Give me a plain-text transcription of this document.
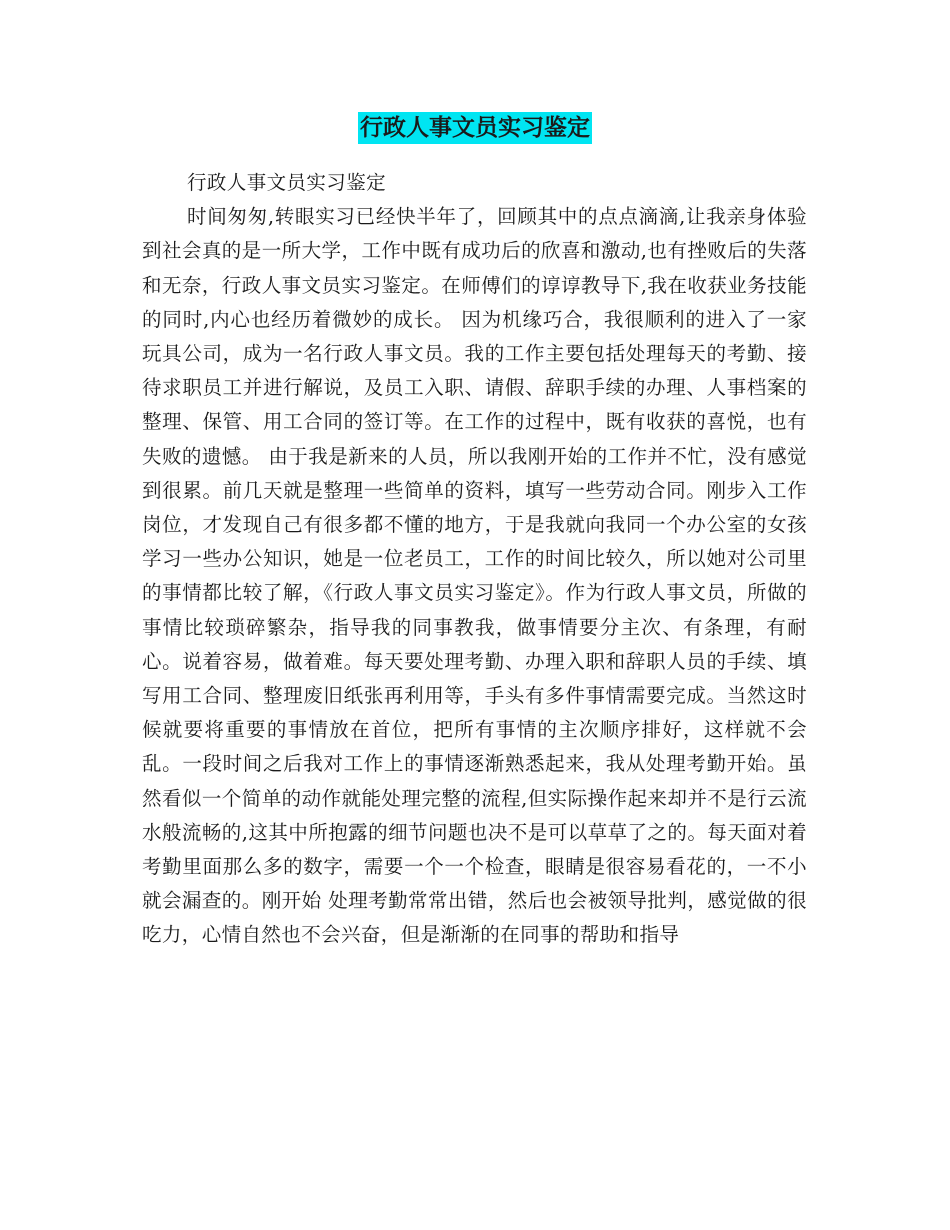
行政人事文员实习鉴定

行政人事文员实习鉴定

时间匆匆,转眼实习已经快半年了，回顾其中的点点滴滴,让我亲身体验到社会真的是一所大学，工作中既有成功后的欣喜和激动,也有挫败后的失落和无奈，行政人事文员实习鉴定。在师傅们的谆谆教导下,我在收获业务技能的同时,内心也经历着微妙的成长。 因为机缘巧合，我很顺利的进入了一家玩具公司，成为一名行政人事文员。我的工作主要包括处理每天的考勤、接待求职员工并进行解说，及员工入职、请假、辞职手续的办理、人事档案的整理、保管、用工合同的签订等。在工作的过程中，既有收获的喜悦，也有失败的遗憾。 由于我是新来的人员，所以我刚开始的工作并不忙，没有感觉到很累。前几天就是整理一些简单的资料，填写一些劳动合同。刚步入工作岗位，才发现自己有很多都不懂的地方，于是我就向我同一个办公室的女孩学习一些办公知识，她是一位老员工，工作的时间比较久，所以她对公司里的事情都比较了解，《行政人事文员实习鉴定》。作为行政人事文员，所做的事情比较琐碎繁杂，指导我的同事教我，做事情要分主次、有条理，有耐心。说着容易，做着难。每天要处理考勤、办理入职和辞职人员的手续、填写用工合同、整理废旧纸张再利用等，手头有多件事情需要完成。当然这时候就要将重要的事情放在首位，把所有事情的主次顺序排好，这样就不会乱。一段时间之后我对工作上的事情逐渐熟悉起来，我从处理考勤开始。虽然看似一个简单的动作就能处理完整的流程,但实际操作起来却并不是行云流水般流畅的,这其中所抱露的细节问题也决不是可以草草了之的。每天面对着考勤里面那么多的数字，需要一个一个检查，眼睛是很容易看花的，一不小就会漏查的。刚开始 处理考勤常常出错，然后也会被领导批判，感觉做的很吃力，心情自然也不会兴奋，但是渐渐的在同事的帮助和指导
